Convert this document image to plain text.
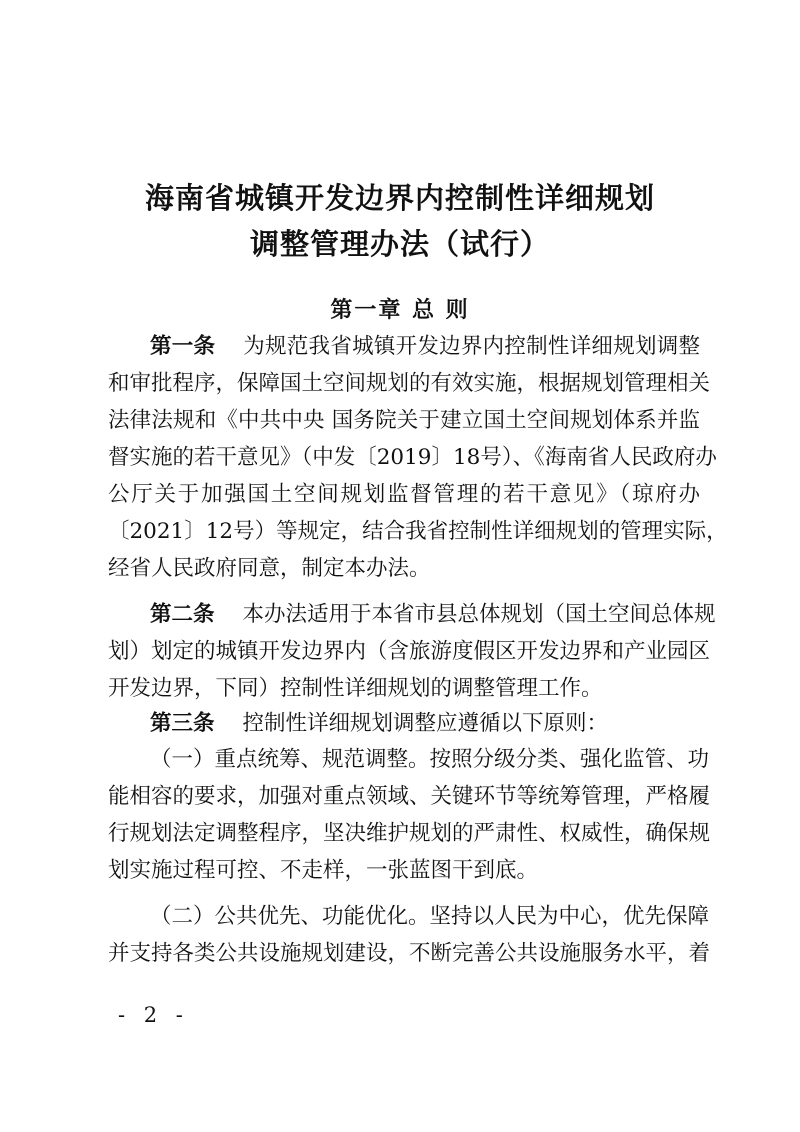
海南省城镇开发边界内控制性详细规划
调整管理办法（试行）
第一章 总 则

第一条 为规范我省城镇开发边界内控制性详细规划调整

和审批程序，保障国土空间规划的有效实施，根据规划管理相关

法律法规和《中共中央 国务院关于建立国土空间规划体系并监

督实施的若干意见》（中发〔2019〕18号）、《海南省人民政府办

公厅关于加强国土空间规划监督管理的若干意见》（琼府办

〔2021〕12号）等规定，结合我省控制性详细规划的管理实际，

经省人民政府同意，制定本办法。

第二条 本办法适用于本省市县总体规划（国土空间总体规

划）划定的城镇开发边界内（含旅游度假区开发边界和产业园区

开发边界，下同）控制性详细规划的调整管理工作。

第三条 控制性详细规划调整应遵循以下原则：

（一）重点统筹、规范调整。按照分级分类、强化监管、功

能相容的要求，加强对重点领域、关键环节等统筹管理，严格履

行规划法定调整程序，坚决维护规划的严肃性、权威性，确保规

划实施过程可控、不走样，一张蓝图干到底。

（二）公共优先、功能优化。坚持以人民为中心，优先保障

并支持各类公共设施规划建设，不断完善公共设施服务水平，着

- 2 -
